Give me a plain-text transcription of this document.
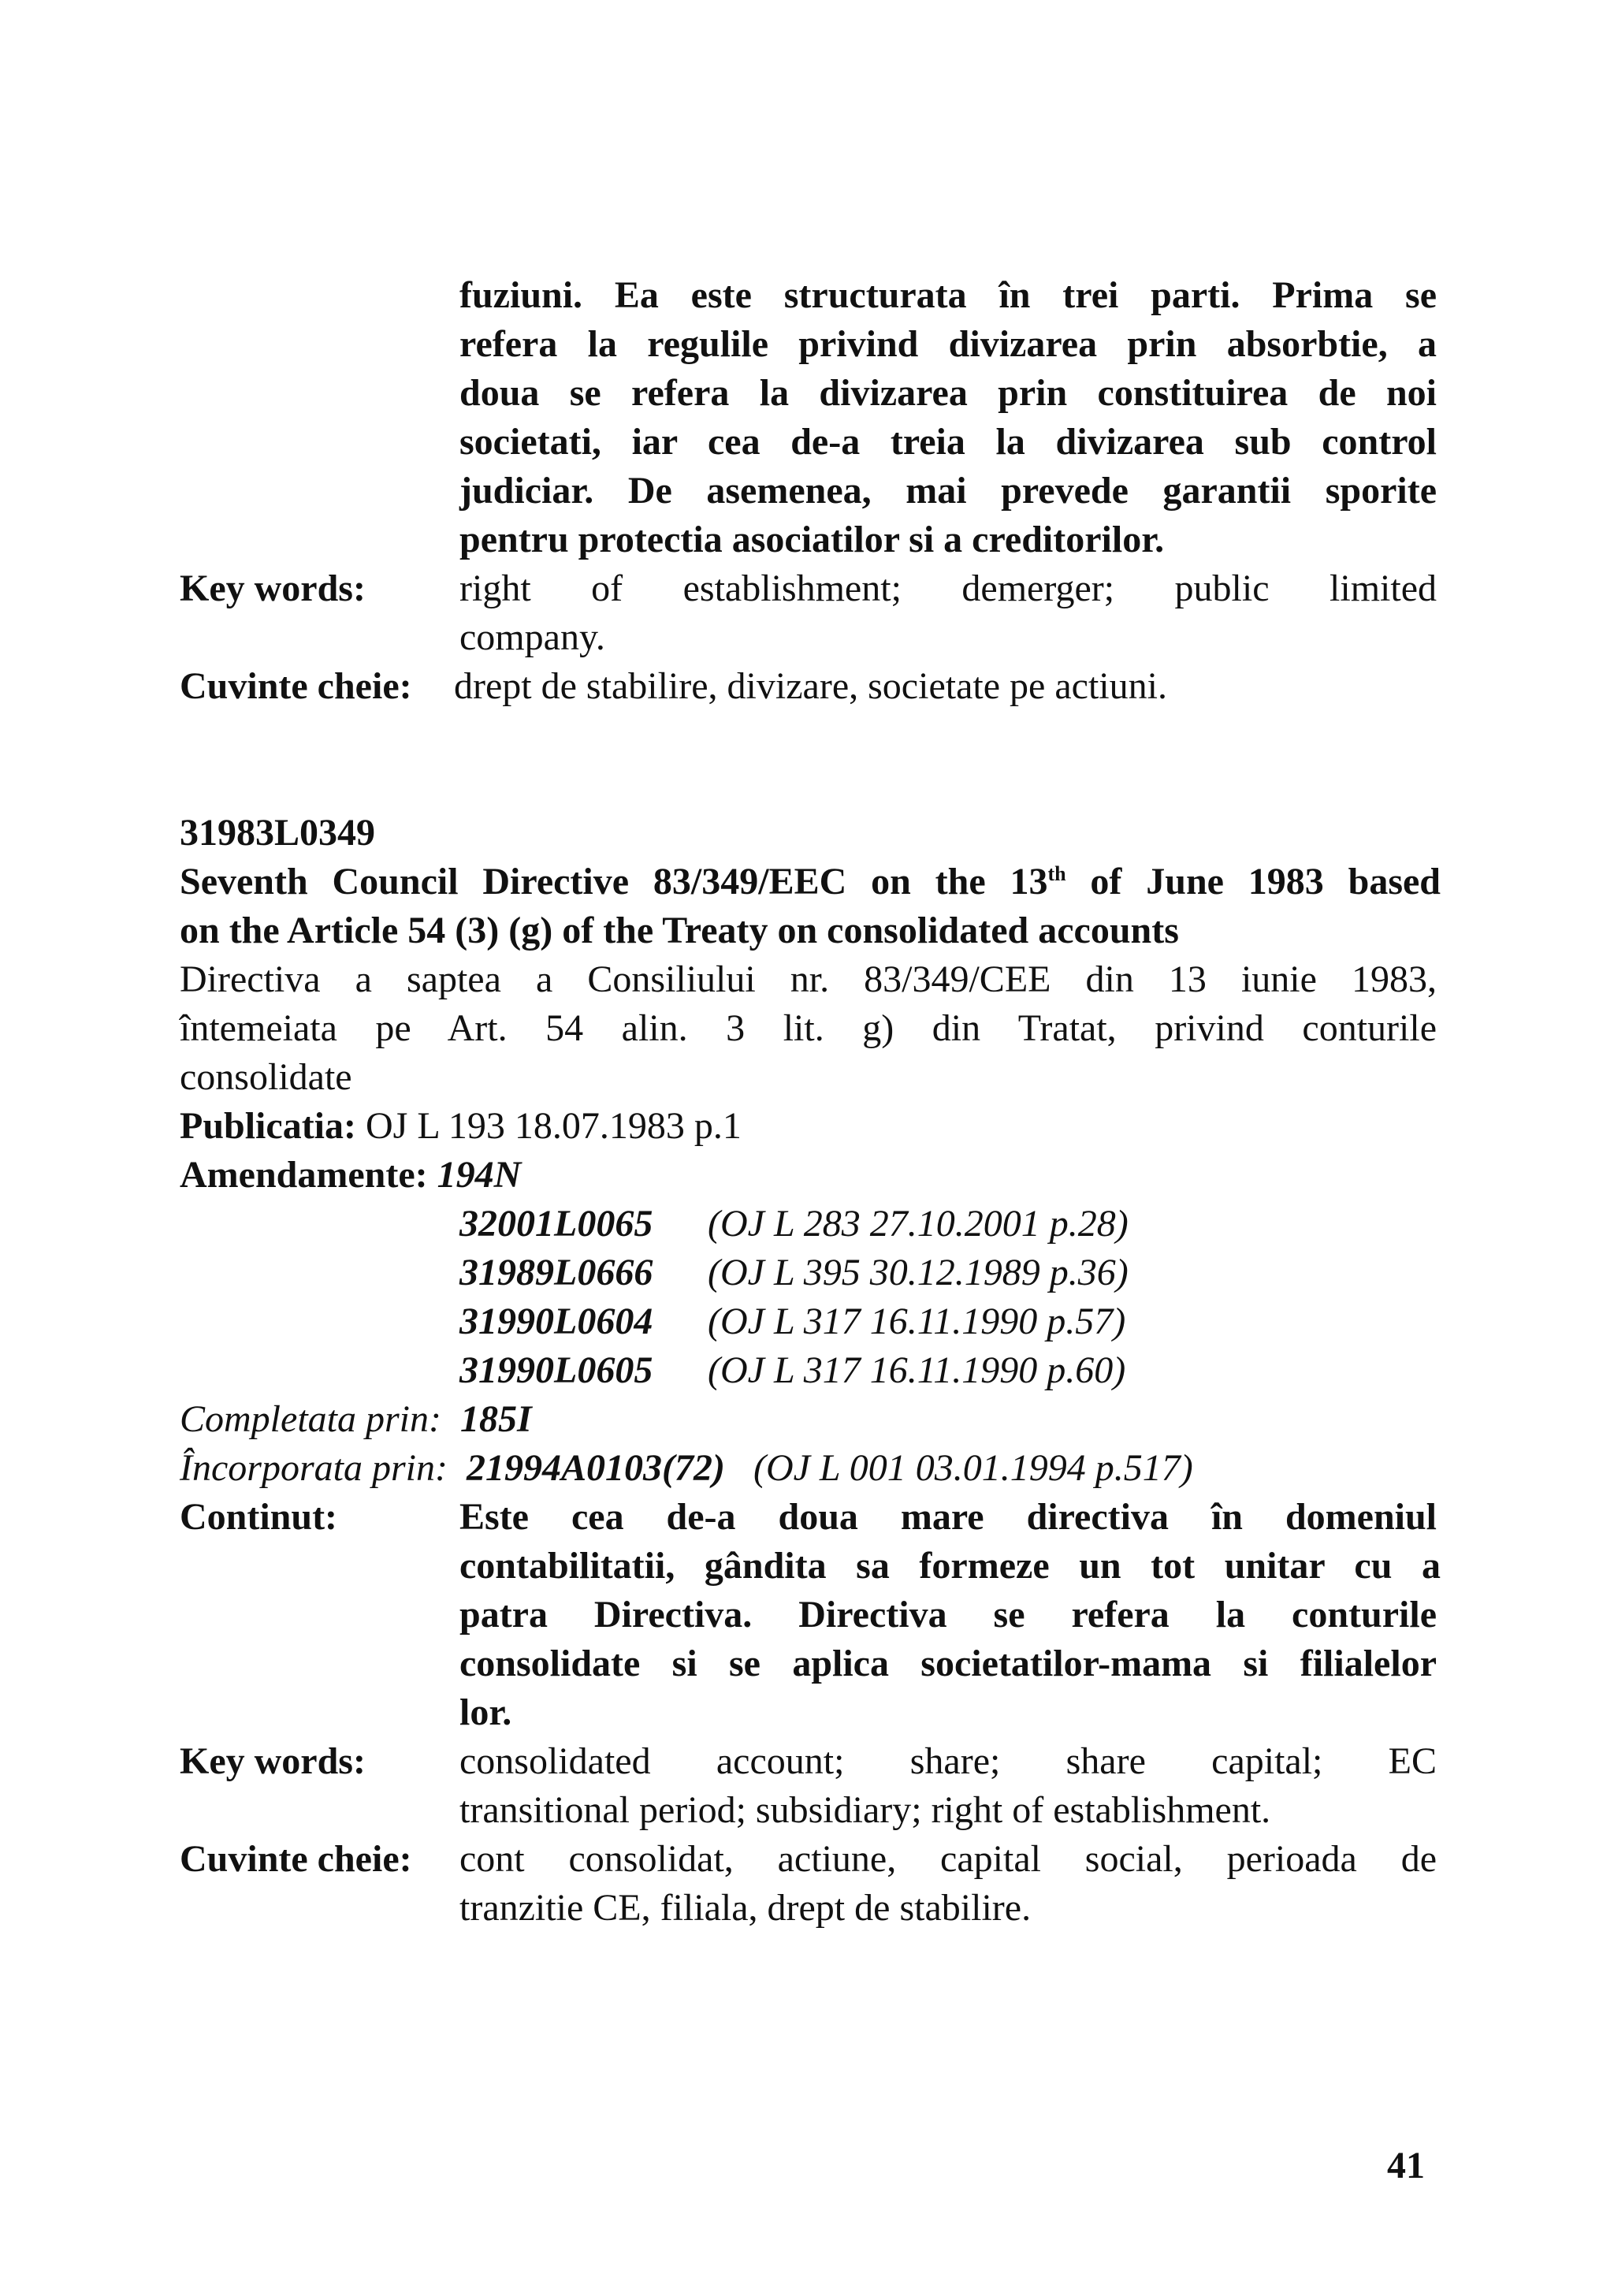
fuziuni. Ea este structurata în trei parti. Prima se
refera la regulile privind divizarea prin absorbtie, a
doua se refera la divizarea prin constituirea de noi
societati, iar cea de-a treia la divizarea sub control
judiciar. De asemenea, mai prevede garantii sporite
pentru protectia asociatilor si a creditorilor.
Key words: right of establishment; demerger; public limited
company.
Cuvinte cheie: drept de stabilire, divizare, societate pe actiuni.
31983L0349
Seventh Council Directive 83/349/EEC on the 13th of June 1983 based
on the Article 54 (3) (g) of the Treaty on consolidated accounts
Directiva a saptea a Consiliului nr. 83/349/CEE din 13 iunie 1983,
întemeiata pe Art. 54 alin. 3 lit. g) din Tratat, privind conturile
consolidate
Publicatia: OJ L 193 18.07.1983 p.1
Amendamente: 194N
32001L0065 (OJ L 283 27.10.2001 p.28)
31989L0666 (OJ L 395 30.12.1989 p.36)
31990L0604 (OJ L 317 16.11.1990 p.57)
31990L0605 (OJ L 317 16.11.1990 p.60)
Completata prin: 185I
Încorporata prin: 21994A0103(72) (OJ L 001 03.01.1994 p.517)
Continut:	Este cea de-a doua mare directiva în domeniul
contabilitatii, gândita sa formeze un tot unitar cu a
patra Directiva. Directiva se refera la conturile
consolidate si se aplica societatilor-mama si filialelor
lor.
Key words: consolidated account; share; share capital; EC
transitional period; subsidiary; right of establishment.
Cuvinte cheie: cont consolidat, actiune, capital social, perioada de
tranzitie CE, filiala, drept de stabilire.
41
